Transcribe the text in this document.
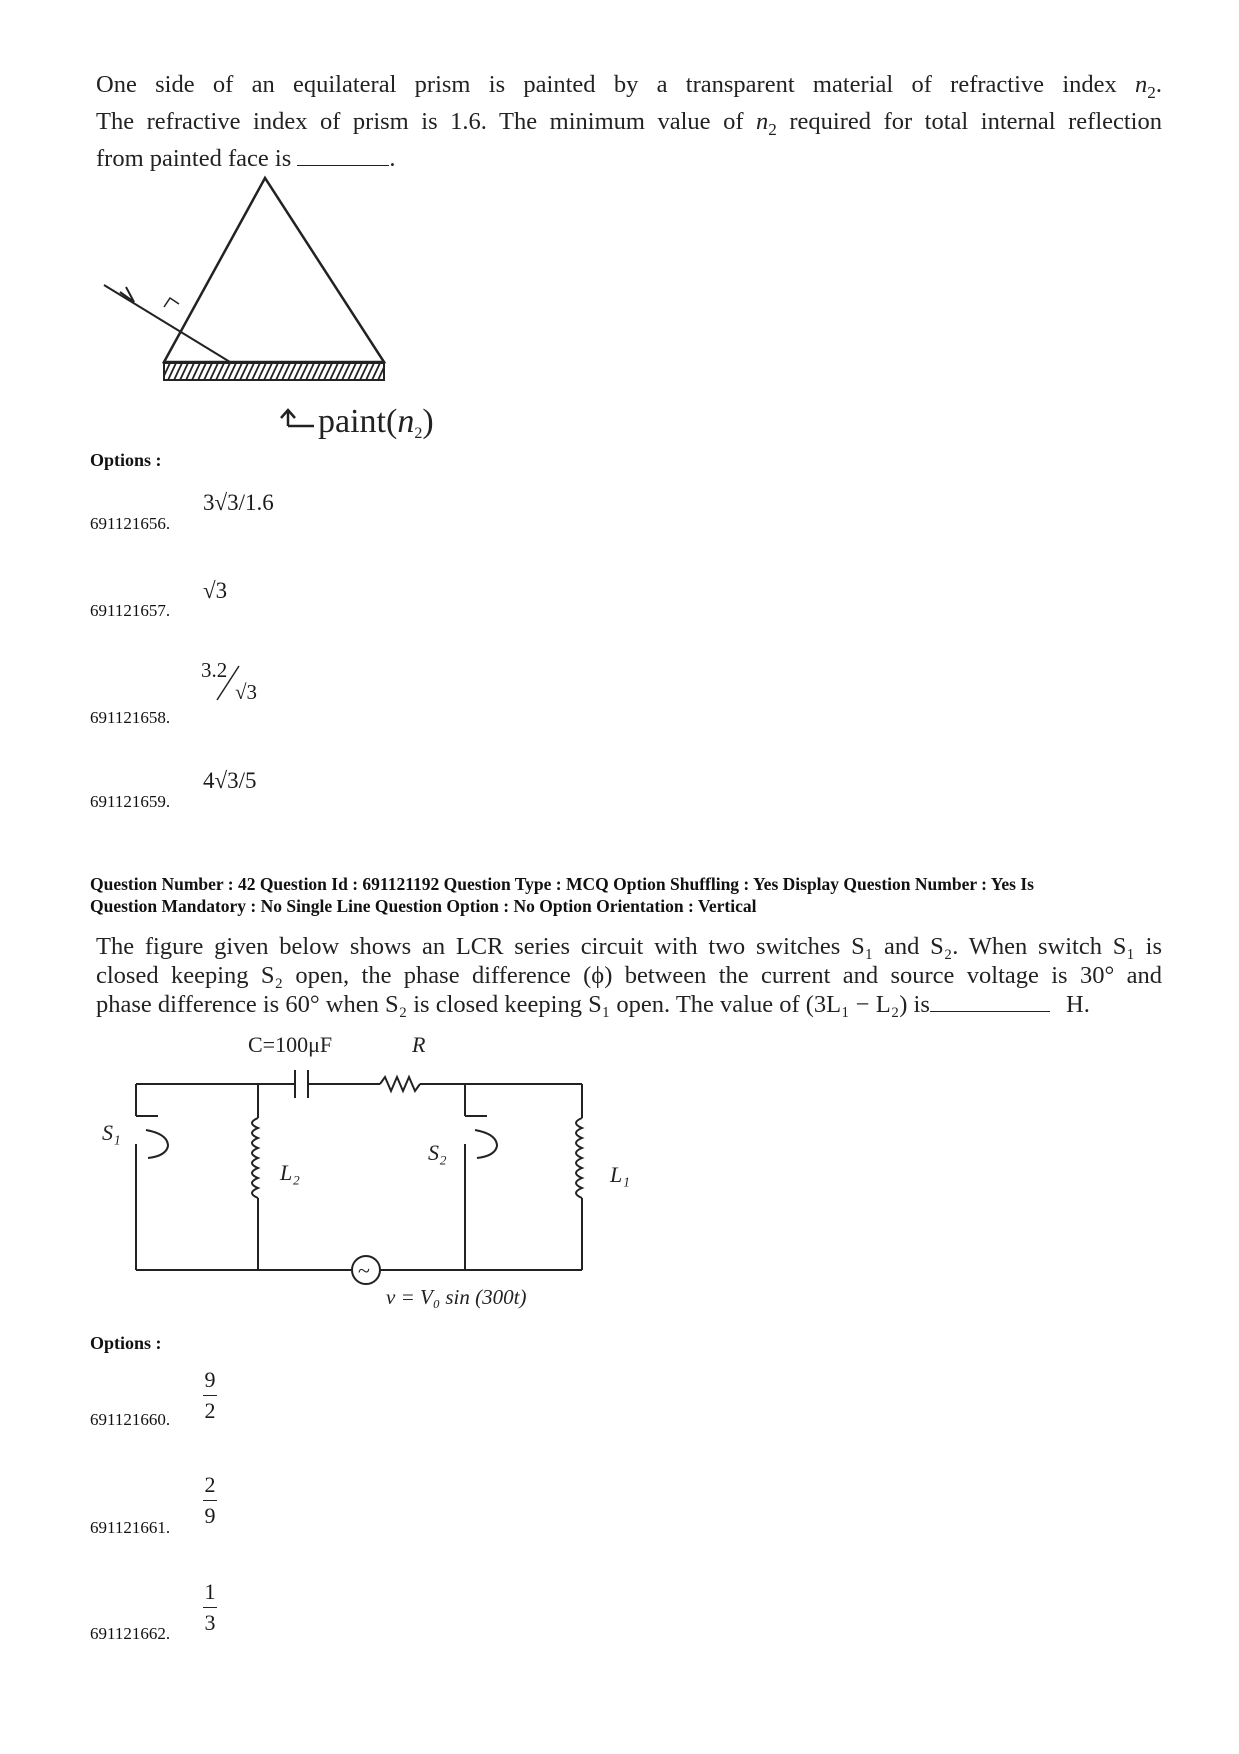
One side of an equilateral prism is painted by a transparent material of refractive index $n_2$.

The refractive index of prism is 1.6. The minimum value of $n_2$ required for total internal reflection

from painted face is	.

paint(n2)
Options :
691121656.
3√3/1.6
691121657.
√3
691121658.
3.2
√3
691121659.
4√3/5
Question Number : 42 Question Id : 691121192 Question Type : MCQ Option Shuffling : Yes Display Question Number : Yes Is
Question Mandatory : No Single Line Question Option : No Option Orientation : Vertical

The figure given below shows an LCR series circuit with two switches S₁ and S₂. When switch S₁ is

closed keeping S₂ open, the phase difference (ϕ) between the current and source voltage is 30° and

phase difference is 60° when S₂ is closed keeping S₁ open. The value of (3L₁ − L₂) is	H.

~
C=100μF	R
S₁
L₂
S₂
L₁
v = V₀ sin (300t)
Options :
691121660.
9
2
691121661.
2
9
691121662.
1
3
